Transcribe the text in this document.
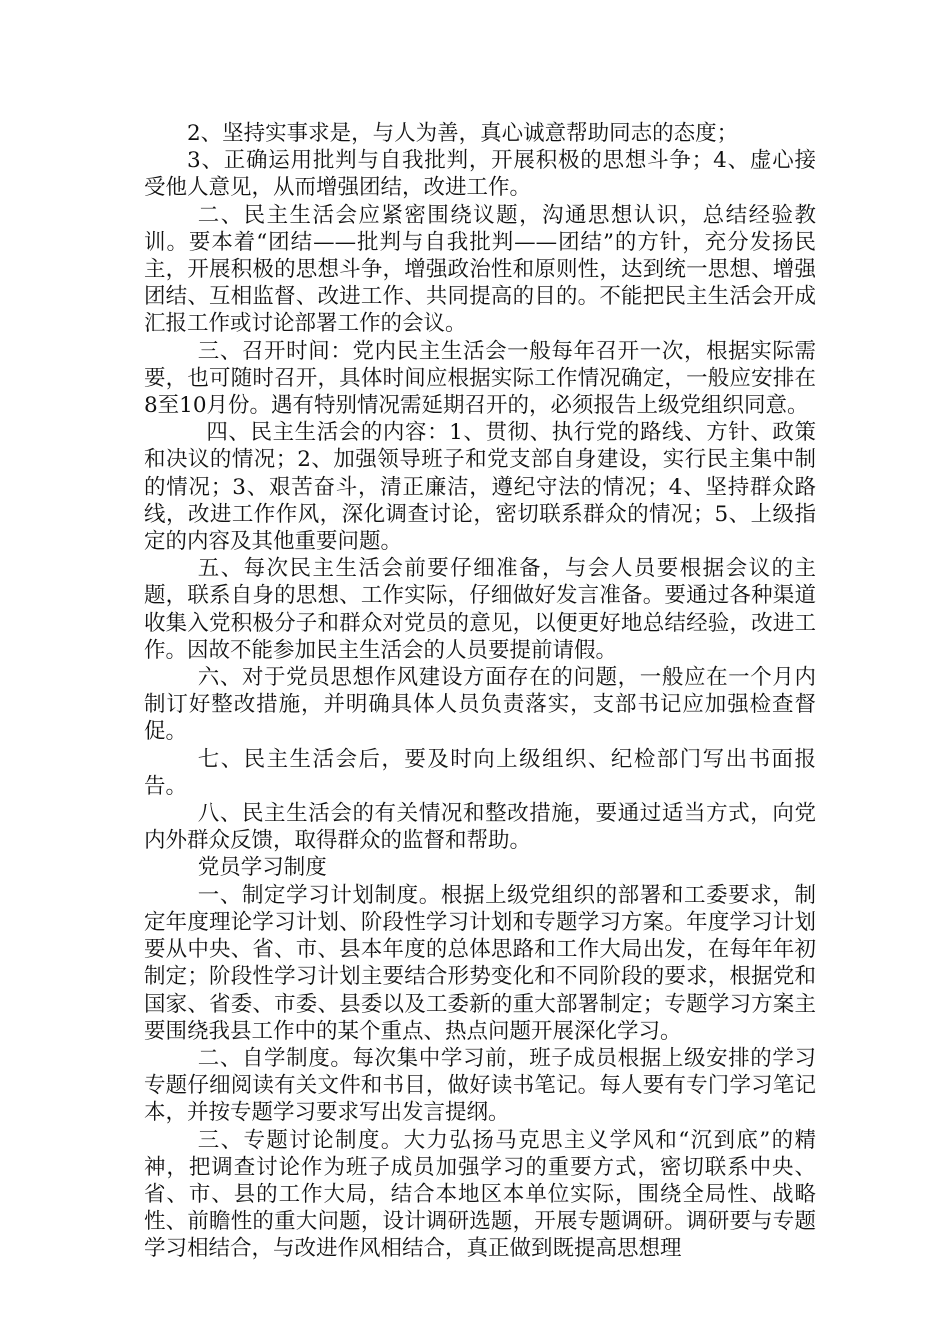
2、坚持实事求是，与人为善，真心诚意帮助同志的态度；

3、正确运用批判与自我批判，开展积极的思想斗争；4、虚心接受他人意见，从而增强团结，改进工作。

二、民主生活会应紧密围绕议题，沟通思想认识，总结经验教训。要本着“团结——批判与自我批判——团结”的方针，充分发扬民主，开展积极的思想斗争，增强政治性和原则性，达到统一思想、增强团结、互相监督、改进工作、共同提高的目的。不能把民主生活会开成汇报工作或讨论部署工作的会议。

三、召开时间：党内民主生活会一般每年召开一次，根据实际需要，也可随时召开，具体时间应根据实际工作情况确定，一般应安排在8至10月份。遇有特别情况需延期召开的，必须报告上级党组织同意。

四、民主生活会的内容：1、贯彻、执行党的路线、方针、政策和决议的情况；2、加强领导班子和党支部自身建设，实行民主集中制的情况；3、艰苦奋斗，清正廉洁，遵纪守法的情况；4、坚持群众路线，改进工作作风，深化调查讨论，密切联系群众的情况；5、上级指定的内容及其他重要问题。

五、每次民主生活会前要仔细准备，与会人员要根据会议的主题，联系自身的思想、工作实际，仔细做好发言准备。要通过各种渠道收集入党积极分子和群众对党员的意见，以便更好地总结经验，改进工作。因故不能参加民主生活会的人员要提前请假。

六、对于党员思想作风建设方面存在的问题，一般应在一个月内制订好整改措施，并明确具体人员负责落实，支部书记应加强检查督促。

七、民主生活会后，要及时向上级组织、纪检部门写出书面报告。

八、民主生活会的有关情况和整改措施，要通过适当方式，向党内外群众反馈，取得群众的监督和帮助。

党员学习制度

一、制定学习计划制度。根据上级党组织的部署和工委要求，制定年度理论学习计划、阶段性学习计划和专题学习方案。年度学习计划要从中央、省、市、县本年度的总体思路和工作大局出发，在每年年初制定；阶段性学习计划主要结合形势变化和不同阶段的要求，根据党和国家、省委、市委、县委以及工委新的重大部署制定；专题学习方案主要围绕我县工作中的某个重点、热点问题开展深化学习。

二、自学制度。每次集中学习前，班子成员根据上级安排的学习专题仔细阅读有关文件和书目，做好读书笔记。每人要有专门学习笔记本，并按专题学习要求写出发言提纲。

三、专题讨论制度。大力弘扬马克思主义学风和“沉到底”的精神，把调查讨论作为班子成员加强学习的重要方式，密切联系中央、省、市、县的工作大局，结合本地区本单位实际，围绕全局性、战略性、前瞻性的重大问题，设计调研选题，开展专题调研。调研要与专题学习相结合，与改进作风相结合，真正做到既提高思想理
